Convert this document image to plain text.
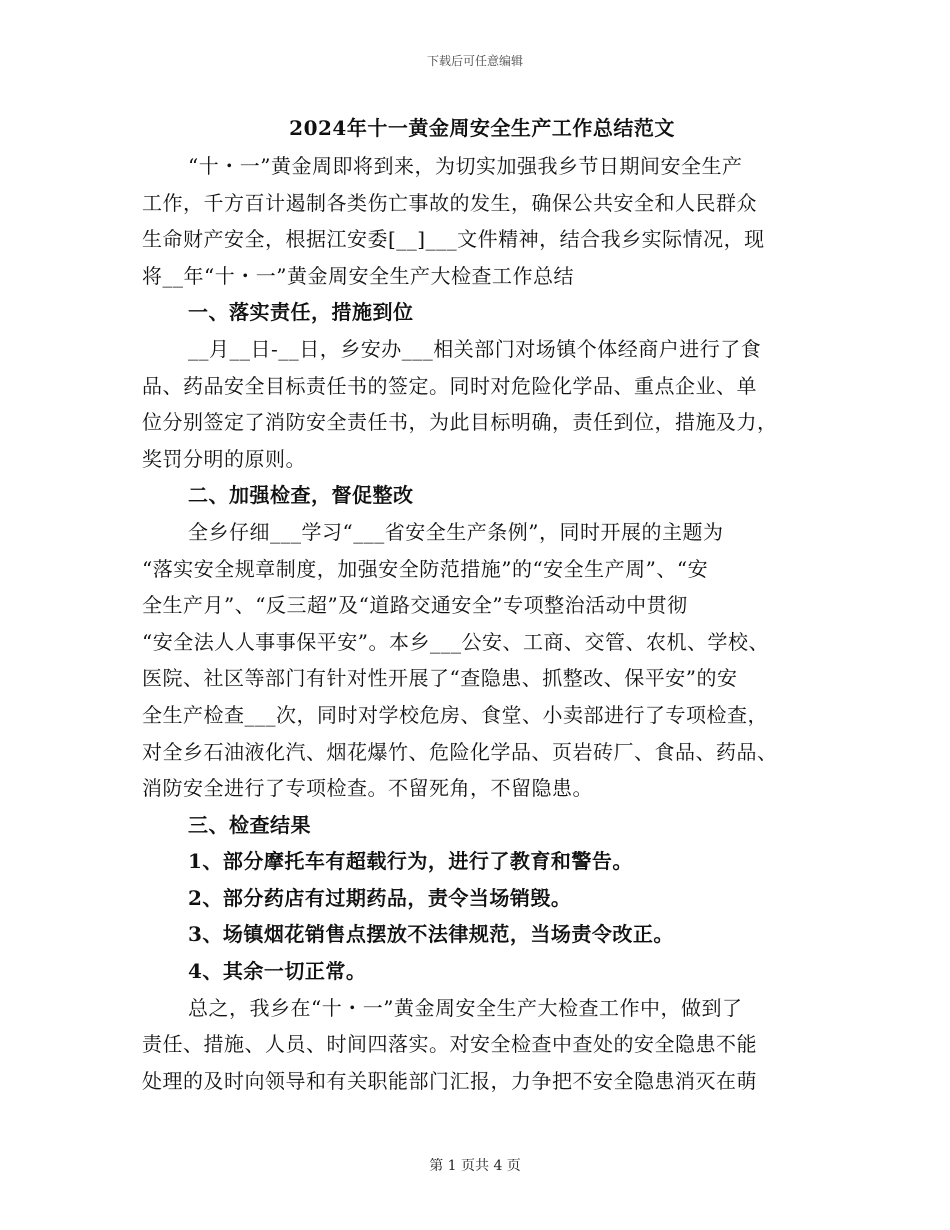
下载后可任意编辑
2024年十一黄金周安全生产工作总结范文

“十・一”黄金周即将到来，为切实加强我乡节日期间安全生产

工作，千方百计遏制各类伤亡事故的发生，确保公共安全和人民群众

生命财产安全，根据江安委[__]___文件精神，结合我乡实际情况，现

将__年“十・一”黄金周安全生产大检查工作总结

一、落实责任，措施到位

__月__日-__日，乡安办___相关部门对场镇个体经商户进行了食

品、药品安全目标责任书的签定。同时对危险化学品、重点企业、单

位分别签定了消防安全责任书，为此目标明确，责任到位，措施及力，

奖罚分明的原则。

二、加强检查，督促整改

全乡仔细___学习“___省安全生产条例”，同时开展的主题为

“落实安全规章制度，加强安全防范措施”的“安全生产周”、“安

全生产月”、“反三超”及“道路交通安全”专项整治活动中贯彻

“安全法人人事事保平安”。本乡___公安、工商、交管、农机、学校、

医院、社区等部门有针对性开展了“查隐患、抓整改、保平安”的安

全生产检查___次，同时对学校危房、食堂、小卖部进行了专项检查，

对全乡石油液化汽、烟花爆竹、危险化学品、页岩砖厂、食品、药品、

消防安全进行了专项检查。不留死角，不留隐患。

三、检查结果

1、部分摩托车有超载行为，进行了教育和警告。

2、部分药店有过期药品，责令当场销毁。

3、场镇烟花销售点摆放不法律规范，当场责令改正。

4、其余一切正常。

总之，我乡在“十・一”黄金周安全生产大检查工作中，做到了

责任、措施、人员、时间四落实。对安全检查中查处的安全隐患不能

处理的及时向领导和有关职能部门汇报，力争把不安全隐患消灭在萌

第 1 页共 4 页
